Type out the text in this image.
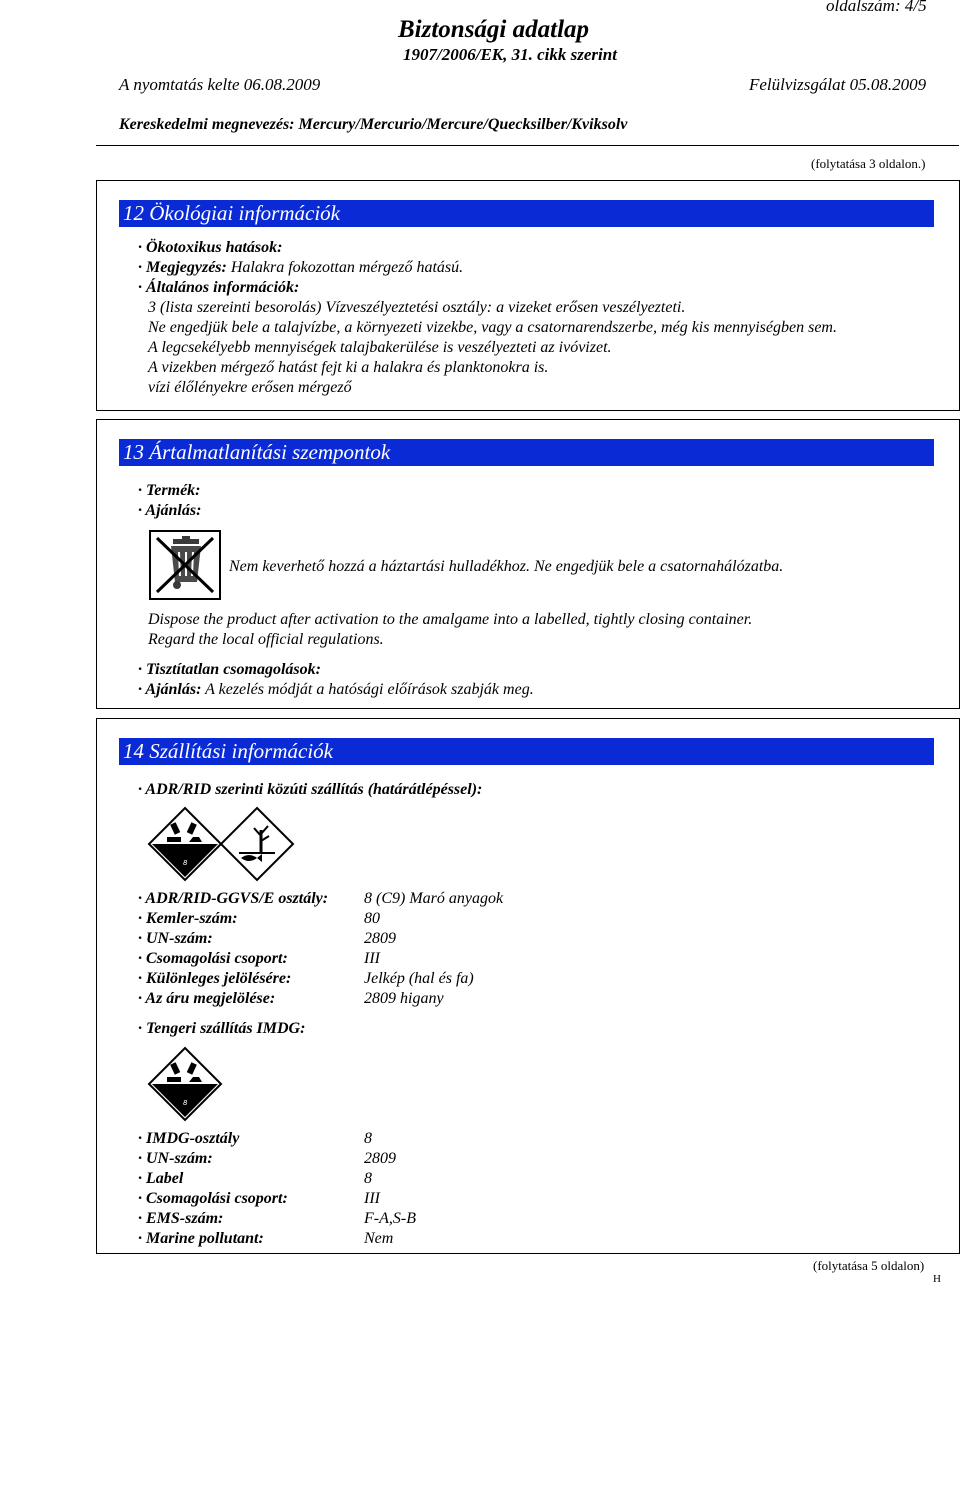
oldalszám: 4/5
Biztonsági adatlap
1907/2006/EK, 31. cikk szerint
A nyomtatás kelte 06.08.2009	Felülvizsgálat 05.08.2009
Kereskedelmi megnevezés: Mercury/Mercurio/Mercure/Quecksilber/Kviksolv
(folytatása 3 oldalon.)
12 Ökológiai információk
· Ökotoxikus hatások:
· Megjegyzés: Halakra fokozottan mérgező hatású.
· Általános információk:
3 (lista szereinti besorolás) Vízveszélyeztetési osztály: a vizeket erősen veszélyezteti.
Ne engedjük bele a talajvízbe, a környezeti vizekbe, vagy a csatornarendszerbe, még kis mennyiségben sem.
A legcsekélyebb mennyiségek talajbakerülése is veszélyezteti az ivóvizet.
A vizekben mérgező hatást fejt ki a halakra és planktonokra is.
vízi élőlényekre erősen mérgező
13 Ártalmatlanítási szempontok
· Termék:
· Ajánlás:
Nem keverhető hozzá a háztartási hulladékhoz. Ne engedjük bele a csatornahálózatba.
Dispose the product after activation to the amalgame into a labelled, tightly closing container.
Regard the local official regulations.
· Tisztítatlan csomagolások:
· Ajánlás: A kezelés módját a hatósági előírások szabják meg.
14 Szállítási információk
· ADR/RID szerinti közúti szállítás (határátlépéssel):
8
· ADR/RID-GGVS/E osztály: 8 (C9) Maró anyagok
· Kemler-szám:	80
· UN-szám:	2809
· Csomagolási csoport:	III
· Különleges jelölésére:	Jelkép (hal és fa)
· Az áru megjelölése:	2809 higany
· Tengeri szállítás IMDG:
8
· IMDG-osztály	8
· UN-szám:	2809
· Label	8
· Csomagolási csoport:	III
· EMS-szám:	F-A,S-B
· Marine pollutant:	Nem
(folytatása 5 oldalon)
H
